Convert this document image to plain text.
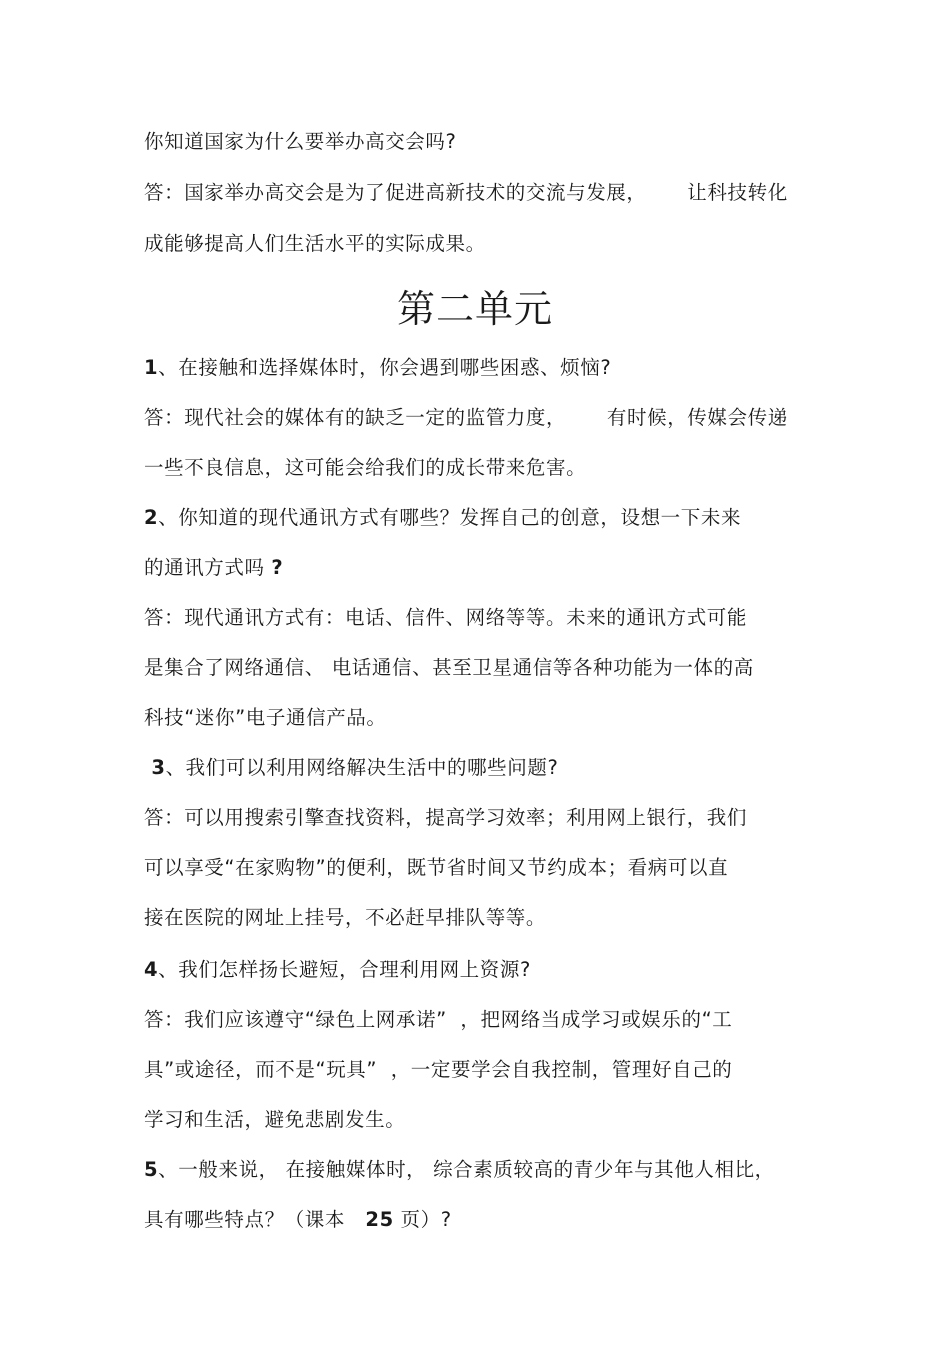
你知道国家为什么要举办高交会吗?
答：国家举办高交会是为了促进高新技术的交流与发展，      让科技转化
成能够提高人们生活水平的实际成果。
第二单元
1、在接触和选择媒体时，你会遇到哪些困惑、烦恼?
答：现代社会的媒体有的缺乏一定的监管力度，      有时候，传媒会传递
一些不良信息，这可能会给我们的成长带来危害。
2、你知道的现代通讯方式有哪些？发挥自己的创意，设想一下未来
的通讯方式吗 ?
答：现代通讯方式有：电话、信件、网络等等。未来的通讯方式可能
是集合了网络通信、 电话通信、甚至卫星通信等各种功能为一体的高
科技“迷你”电子通信产品。
3、我们可以利用网络解决生活中的哪些问题?
答：可以用搜索引擎查找资料，提高学习效率；利用网上银行，我们
可以享受“在家购物”的便利，既节省时间又节约成本；看病可以直
接在医院的网址上挂号，不必赶早排队等等。
4、我们怎样扬长避短，合理利用网上资源?
答：我们应该遵守“绿色上网承诺”  ，把网络当成学习或娱乐的“工
具”或途径，而不是“玩具”  ，一定要学会自我控制，管理好自己的
学习和生活，避免悲剧发生。
5、一般来说， 在接触媒体时， 综合素质较高的青少年与其他人相比，
具有哪些特点？（课本   25 页）?
